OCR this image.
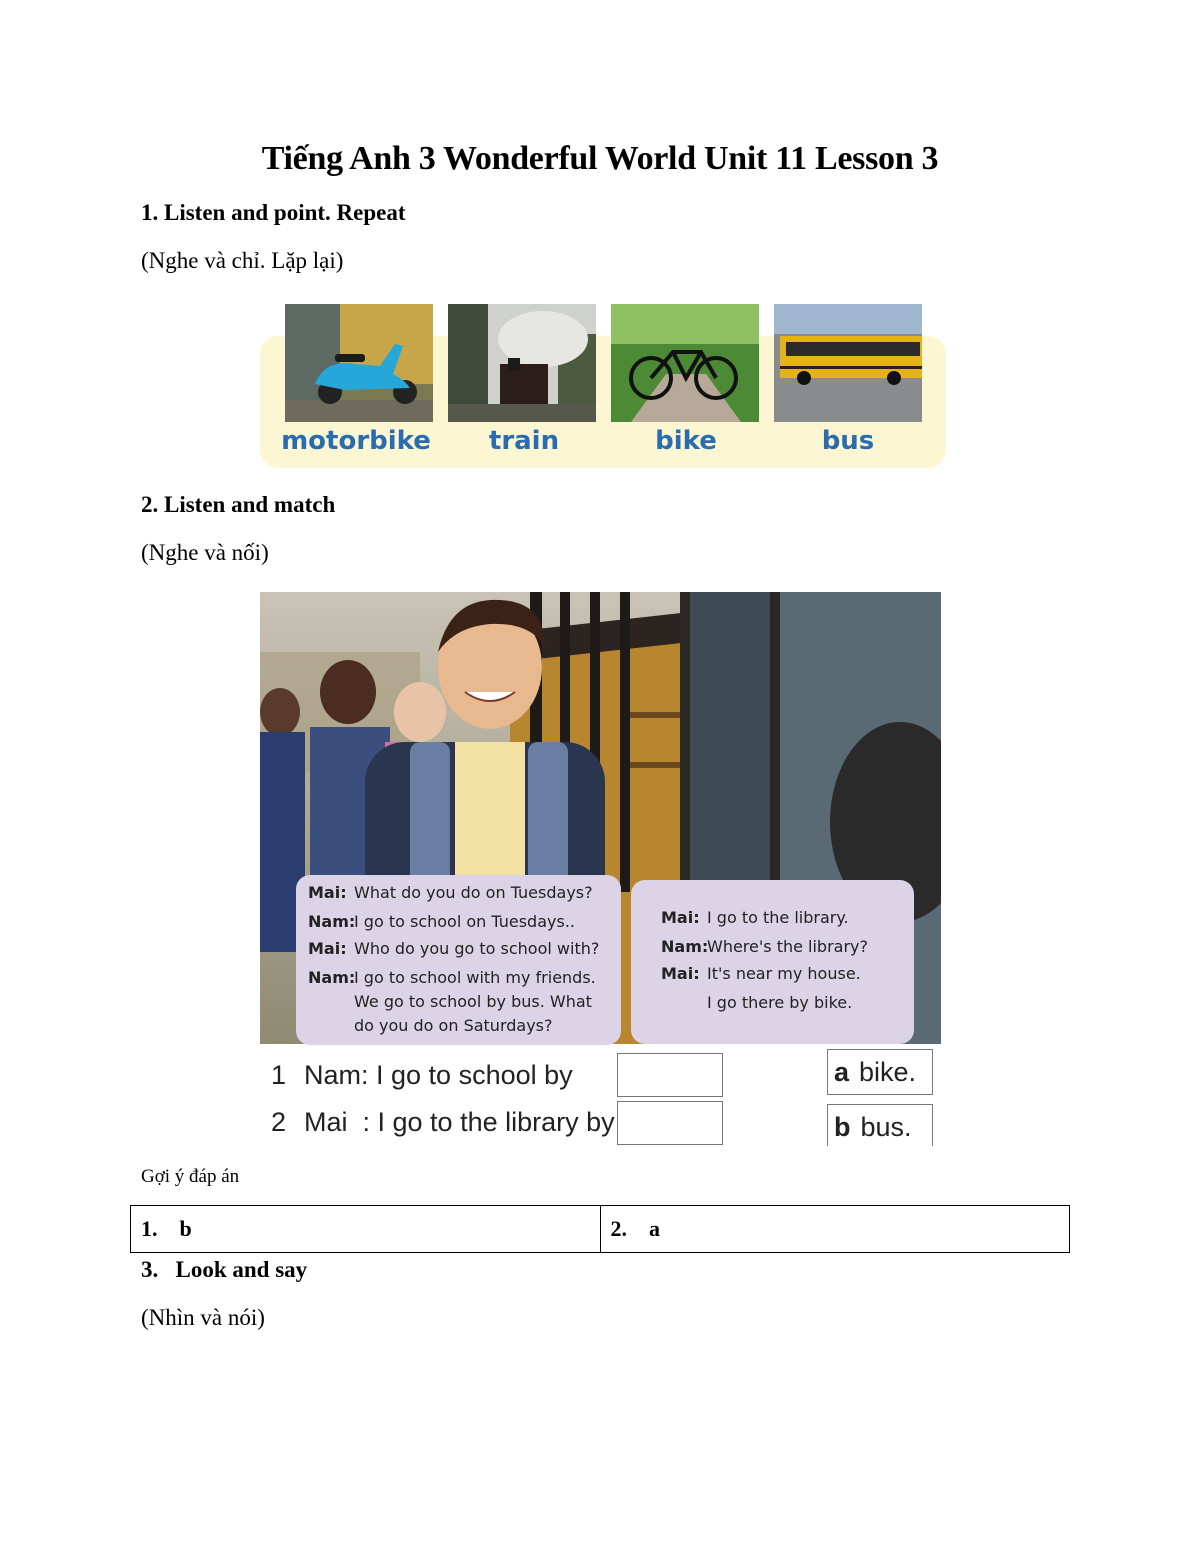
Tiếng Anh 3 Wonderful World Unit 11 Lesson 3
1. Listen and point. Repeat
(Nghe và chỉ. Lặp lại)
motorbike	train	bike	bus
2. Listen and match
(Nghe và nối)
Mai: What do you do on Tuesdays?
Nam:I go to school on Tuesdays..
Mai: Who do you go to school with?
Nam:I go to school with my friends.
We go to school by bus. What
do you do on Saturdays?
Mai: I go to the library.
Nam:Where's the library?
Mai: It's near my house.
I go there by bike.
1 Nam: I go to school by
2 Mai  : I go to the library by
a bike.
b bus.
Gợi ý đáp án
1. b	2. a
3.   Look and say
(Nhìn và nói)
